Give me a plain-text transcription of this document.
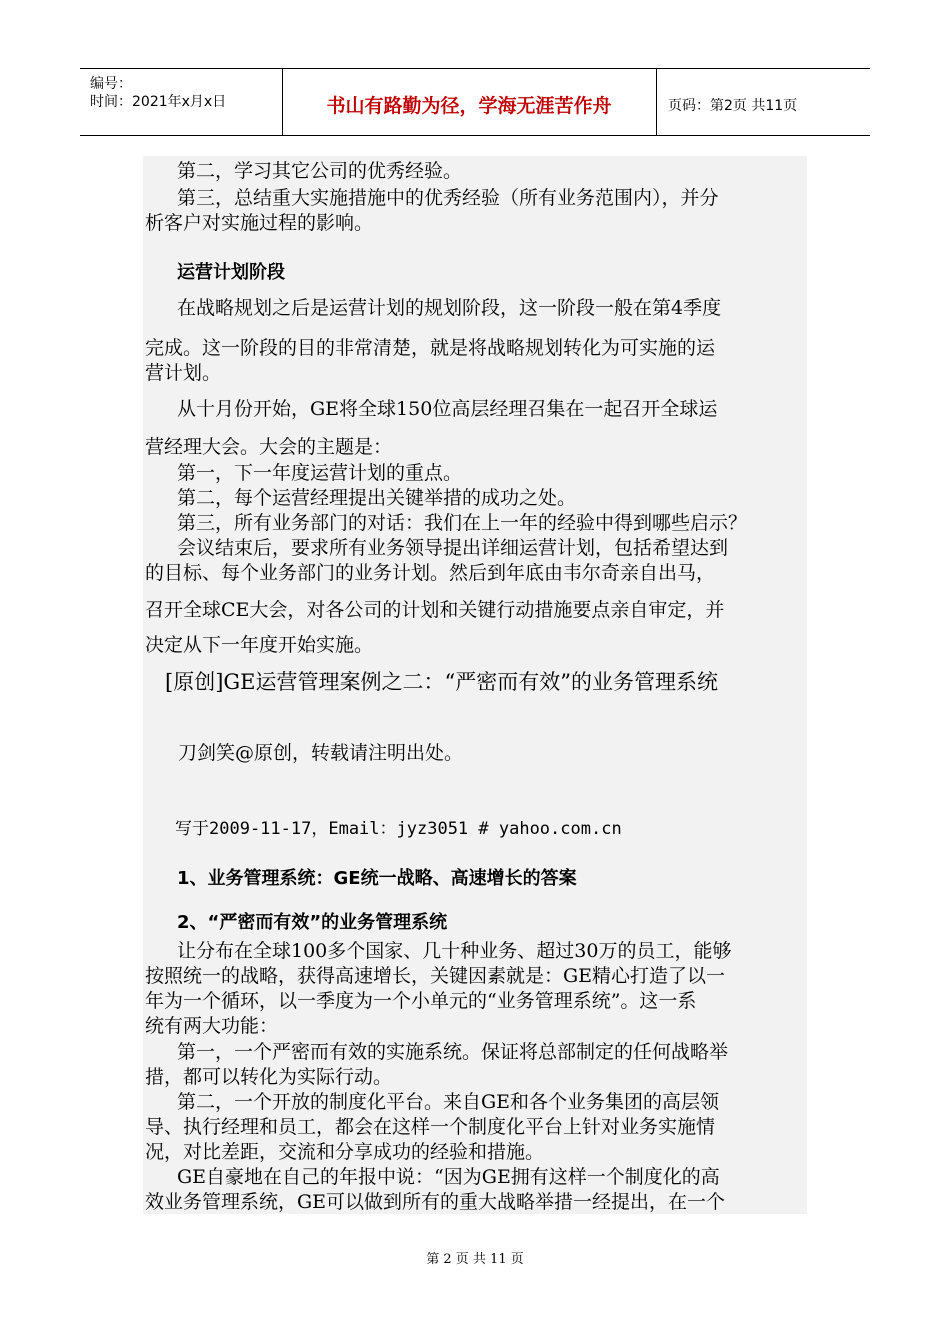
编号：
时间：2021年x月x日	书山有路勤为径，学海无涯苦作舟	页码：第2页 共11页
第二，学习其它公司的优秀经验。
第三，总结重大实施措施中的优秀经验（所有业务范围内），并分
析客户对实施过程的影响。
运营计划阶段
在战略规划之后是运营计划的规划阶段，这一阶段一般在第4季度
完成。这一阶段的目的非常清楚，就是将战略规划转化为可实施的运
营计划。
从十月份开始，GE将全球150位高层经理召集在一起召开全球运
营经理大会。大会的主题是：
第一，下一年度运营计划的重点。
第二，每个运营经理提出关键举措的成功之处。
第三，所有业务部门的对话：我们在上一年的经验中得到哪些启示？
会议结束后，要求所有业务领导提出详细运营计划，包括希望达到
的目标、每个业务部门的业务计划。然后到年底由韦尔奇亲自出马，
召开全球CE大会，对各公司的计划和关键行动措施要点亲自审定，并
决定从下一年度开始实施。
[原创]GE运营管理案例之二：“严密而有效”的业务管理系统
刀剑笑@原创，转载请注明出处。
写于2009-11-17，Email：jyz3051 # yahoo.com.cn
1、业务管理系统：GE统一战略、高速增长的答案
2、“严密而有效”的业务管理系统
让分布在全球100多个国家、几十种业务、超过30万的员工，能够
按照统一的战略，获得高速增长，关键因素就是：GE精心打造了以一
年为一个循环，以一季度为一个小单元的“业务管理系统”。这一系
统有两大功能：
第一，一个严密而有效的实施系统。保证将总部制定的任何战略举
措，都可以转化为实际行动。
第二，一个开放的制度化平台。来自GE和各个业务集团的高层领
导、执行经理和员工，都会在这样一个制度化平台上针对业务实施情
况，对比差距，交流和分享成功的经验和措施。
GE自豪地在自己的年报中说：“因为GE拥有这样一个制度化的高
效业务管理系统，GE可以做到所有的重大战略举措一经提出，在一个
第 2 页 共 11 页
